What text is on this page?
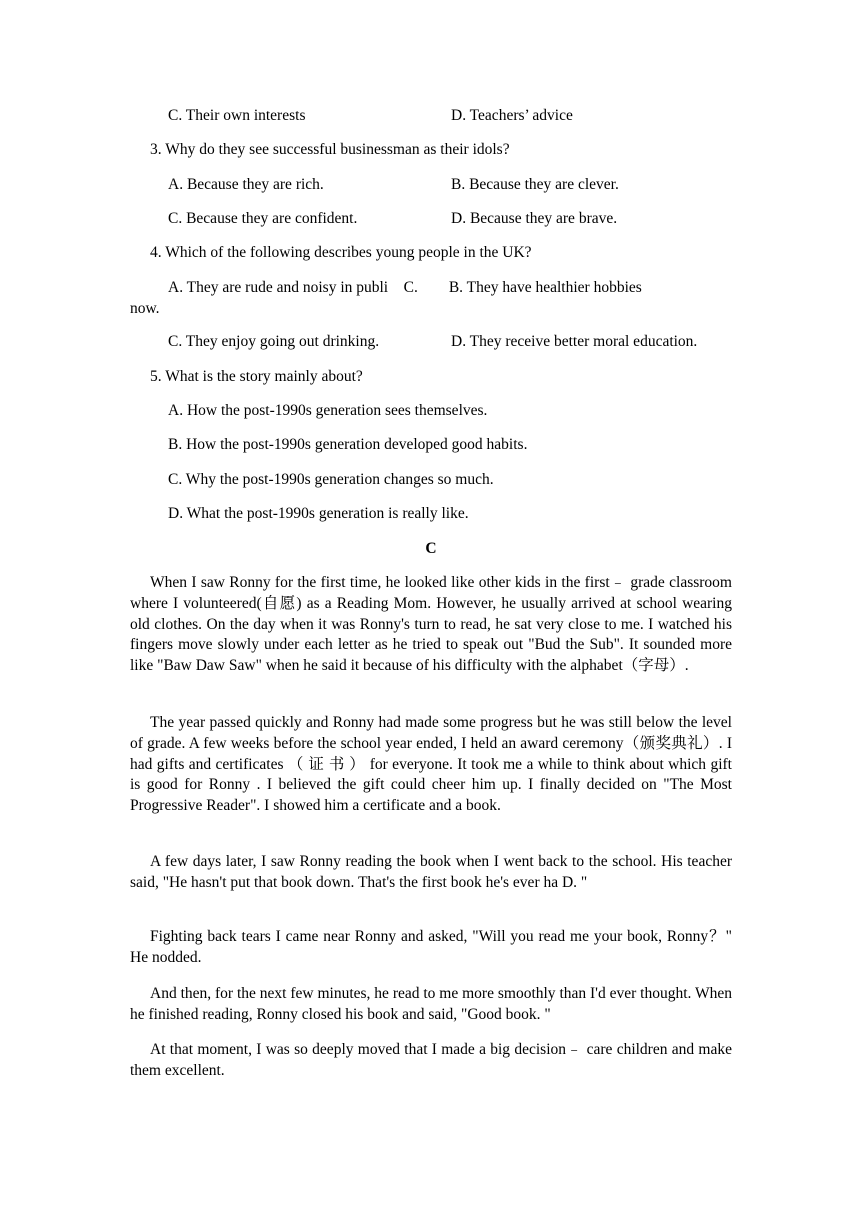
C. Their own interests	D. Teachers’ advice
3. Why do they see successful businessman as their idols?
A. Because they are rich.	B. Because they are clever.
C. Because they are confident.	D. Because they are brave.
4. Which of the following describes young people in the UK?
A. They are rude and noisy in publi    C.        B. They have healthier hobbies
now.
C. They enjoy going out drinking.	D. They receive better moral education.
5. What is the story mainly about?
A. How the post-1990s generation sees themselves.
B. How the post-1990s generation developed good habits.
C. Why the post-1990s generation changes so much.
D. What the post-1990s generation is really like.
C

When I saw Ronny for the first time, he looked like other kids in the first﹣ grade classroom where I volunteered(自愿) as a Reading Mom. However, he usually arrived at school wearing old clothes. On the day when it was Ronny's turn to read, he sat very close to me. I watched his fingers move slowly under each letter as he tried to speak out "Bud the Sub". It sounded more like "Baw Daw Saw" when he said it because of his difficulty with the alphabet（字母）.

The year passed quickly and Ronny had made some progress but he was still below the level of grade. A few weeks before the school year ended, I held an award ceremony（颁奖典礼）. I had gifts and certificates （ 证 书 ） for everyone. It took me a while to think about which gift is good for Ronny . I believed the gift could cheer him up. I finally decided on "The Most Progressive Reader". I showed him a certificate and a book.

A few days later, I saw Ronny reading the book when I went back to the school. His teacher said, "He hasn't put that book down. That's the first book he's ever ha D. "

Fighting back tears I came near Ronny and asked, "Will you read me your book, Ronny？" He nodded.

And then, for the next few minutes, he read to me more smoothly than I'd ever thought. When he finished reading, Ronny closed his book and said, "Good book. "

At that moment, I was so deeply moved that I made a big decision﹣ care children and make them excellent.
